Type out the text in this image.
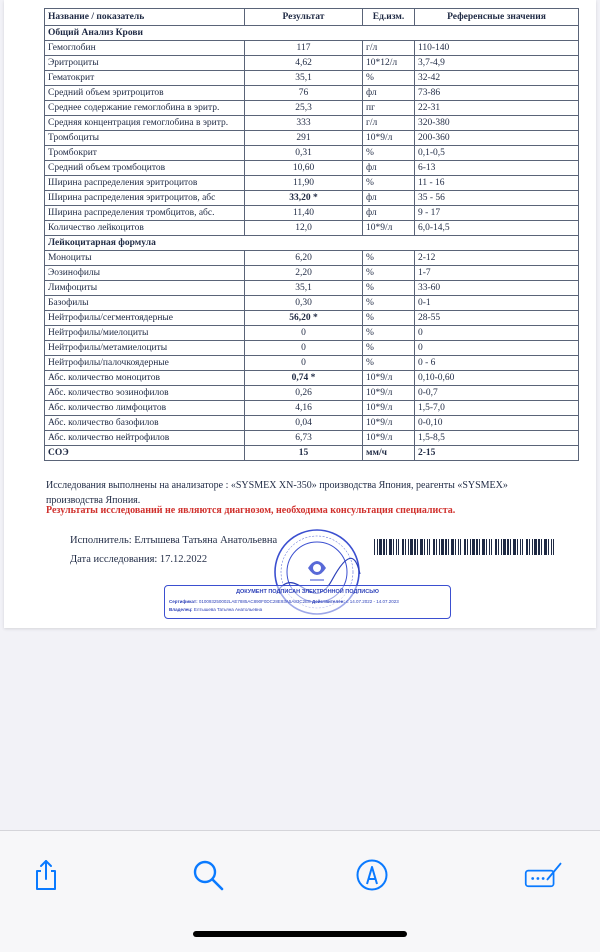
Название / показатель	Результат	Ед.изм.	Референсные значения
Общий Анализ Крови			
Гемоглобин	117	г/л	110-140
Эритроциты	4,62	10*12/л	3,7-4,9
Гематокрит	35,1	%	32-42
Средний объем эритроцитов	76	фл	73-86
Среднее содержание гемоглобина в эритр.	25,3	пг	22-31
Средняя концентрация гемоглобина в эритр.	333	г/л	320-380
Тромбоциты	291	10*9/л	200-360
Тромбокрит	0,31	%	0,1-0,5
Средний объем тромбоцитов	10,60	фл	6-13
Ширина распределения эритроцитов	11,90	%	11 - 16
Ширина распределения эритроцитов, абс	33,20 *	фл	35 - 56
Ширина распределения тромбцитов, абс.	11,40	фл	9 - 17
Количество лейкоцитов	12,0	10*9/л	6,0-14,5
Лейкоцитарная формула			
Моноциты	6,20	%	2-12
Эозинофилы	2,20	%	1-7
Лимфоциты	35,1	%	33-60
Базофилы	0,30	%	0-1
Нейтрофилы/сегментоядерные	56,20 *	%	28-55
Нейтрофилы/миелоциты	0	%	0
Нейтрофилы/метамиелоциты	0	%	0
Нейтрофилы/палочкоядерные	0	%	0 - 6
Абс. количество моноцитов	0,74 *	10*9/л	0,10-0,60
Абс. количество эозинофилов	0,26	10*9/л	0-0,7
Абс. количество лимфоцитов	4,16	10*9/л	1,5-7,0
Абс. количество базофилов	0,04	10*9/л	0-0,10
Абс. количество нейтрофилов	6,73	10*9/л	1,5-8,5
СОЭ	15	мм/ч	2-15
Исследования выполнены на анализаторе : «SYSMEX XN-350» производства Япония, реагенты «SYSMEX» производства Япония.
Результаты исследований не являются диагнозом, необходима консультация специалиста.
Исполнитель: Елтышева Татьяна Анатольевна
Дата исследования: 17.12.2022
ДОКУМЕНТ ПОДПИСАН ЭЛЕКТРОННОЙ ПОДПИСЬЮ
Сертификат: 010093250002LAE7885AC890F0DC28E93A5A83C2E8 Действителен: с 14.07.2022 - 14.07.2023
Владелец: Елтышева Татьяна Анатольевна
